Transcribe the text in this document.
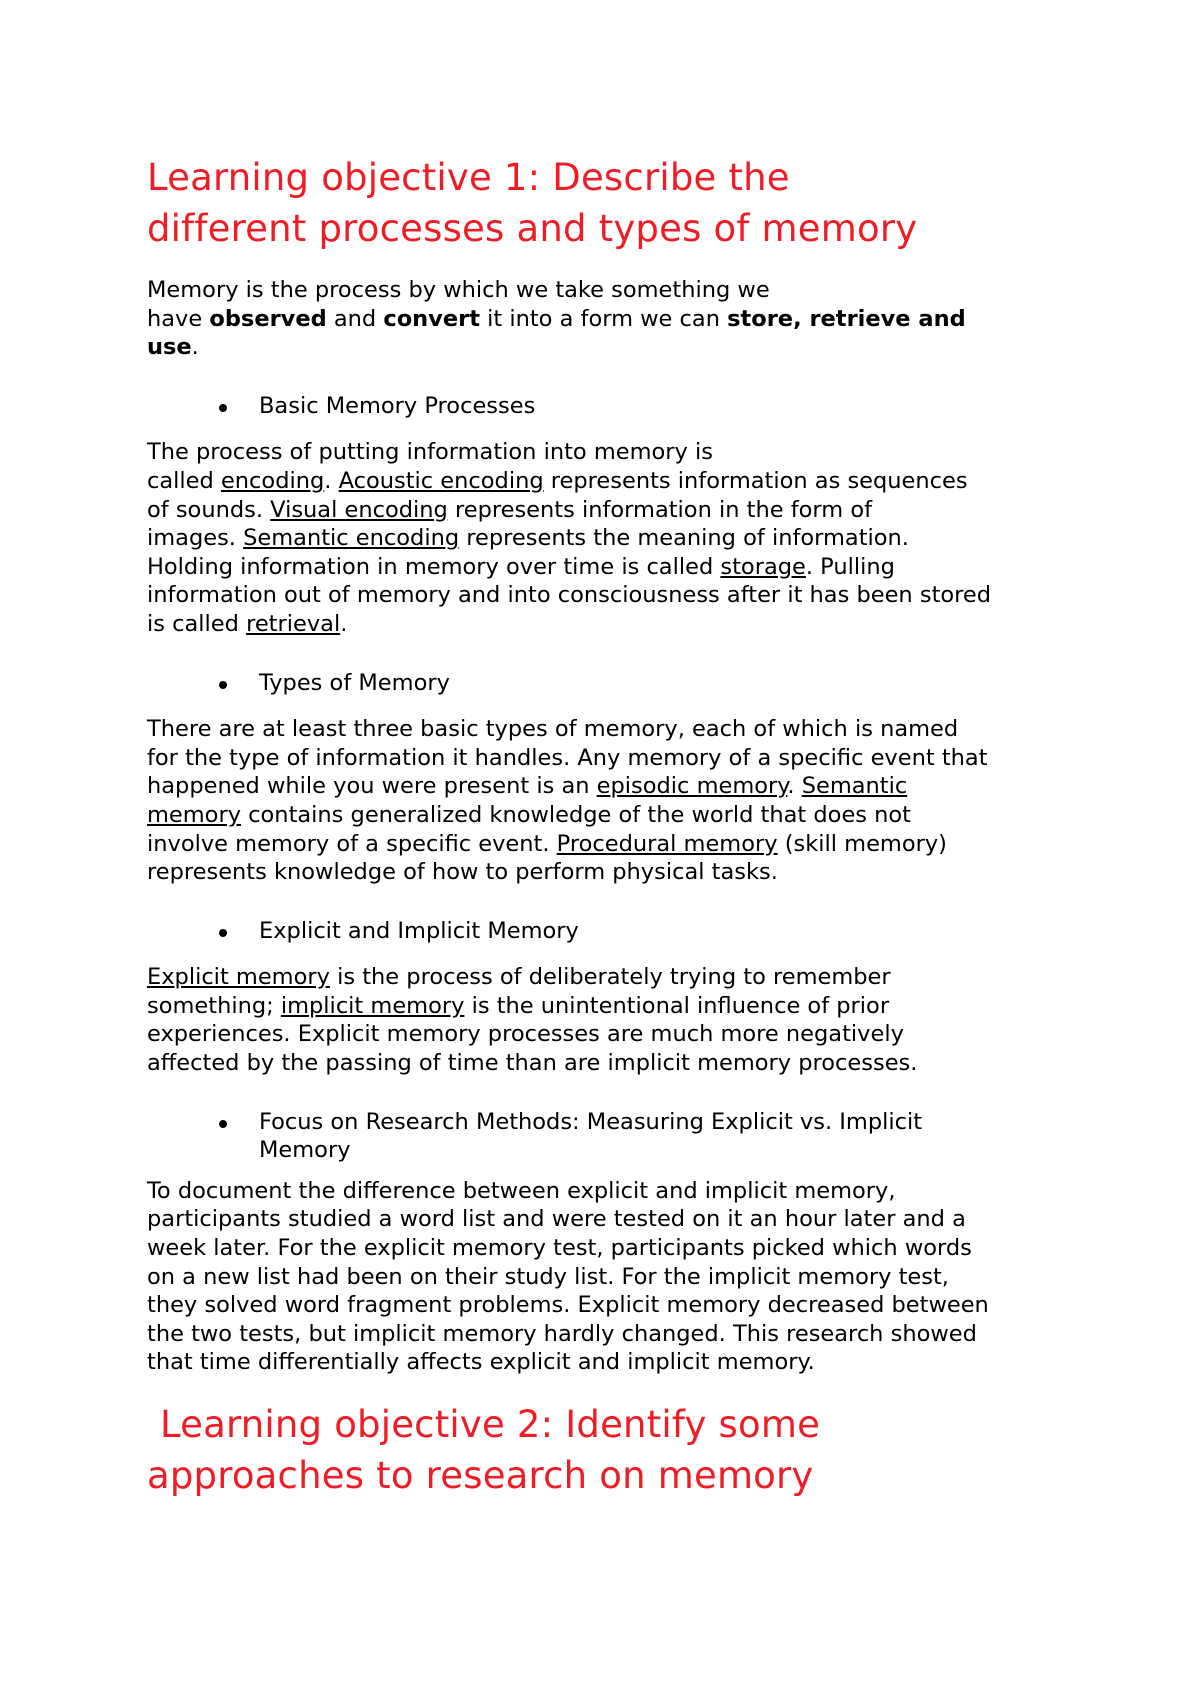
Learning objective 1: Describe the
different processes and types of memory

Memory is the process by which we take something we
have observed and convert it into a form we can store, retrieve and
use.

Basic Memory Processes

The process of putting information into memory is
called encoding. Acoustic encoding represents information as sequences
of sounds. Visual encoding represents information in the form of
images. Semantic encoding represents the meaning of information.
Holding information in memory over time is called storage. Pulling
information out of memory and into consciousness after it has been stored
is called retrieval.

Types of Memory

There are at least three basic types of memory, each of which is named
for the type of information it handles. Any memory of a specific event that
happened while you were present is an episodic memory. Semantic
memory contains generalized knowledge of the world that does not
involve memory of a specific event. Procedural memory (skill memory)
represents knowledge of how to perform physical tasks.

Explicit and Implicit Memory

Explicit memory is the process of deliberately trying to remember
something; implicit memory is the unintentional influence of prior
experiences. Explicit memory processes are much more negatively
affected by the passing of time than are implicit memory processes.

Focus on Research Methods: Measuring Explicit vs. Implicit
Memory

To document the difference between explicit and implicit memory,
participants studied a word list and were tested on it an hour later and a
week later. For the explicit memory test, participants picked which words
on a new list had been on their study list. For the implicit memory test,
they solved word fragment problems. Explicit memory decreased between
the two tests, but implicit memory hardly changed. This research showed
that time differentially affects explicit and implicit memory.

Learning objective 2: Identify some
approaches to research on memory
